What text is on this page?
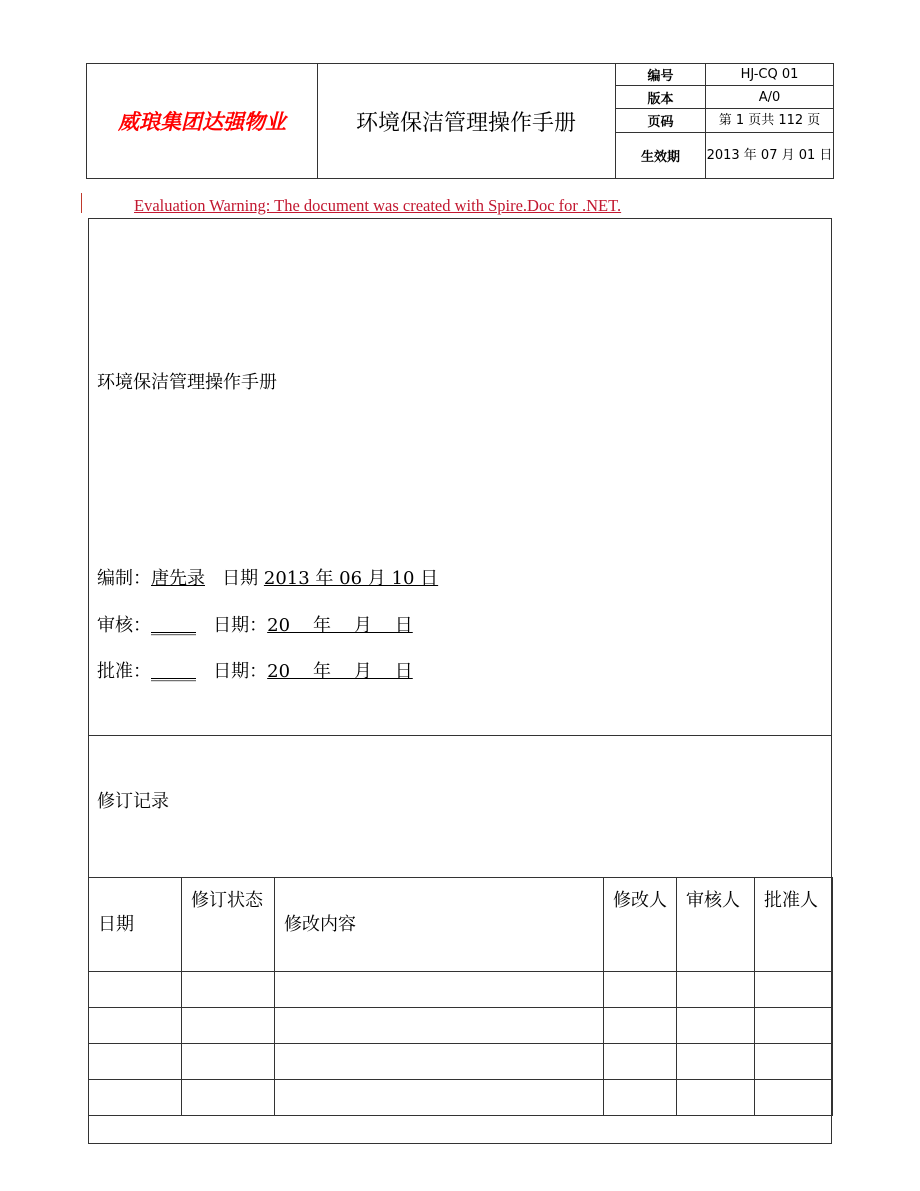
威琅集团达强物业	环境保洁管理操作手册
编号	HJ-CQ 01
版本	A/0
页码	第 1 页共 112 页
生效期	2013 年 07 月 01 日
Evaluation Warning: The document was created with Spire.Doc for .NET.
环境保洁管理操作手册
编制：唐先录 日期 2013 年 06 月 10 日
审核：_____ 日期：20    年    月    日
批准：_____ 日期：20    年    月    日
修订记录
日期	修订状态	修改内容	修改人	审核人	批准人
